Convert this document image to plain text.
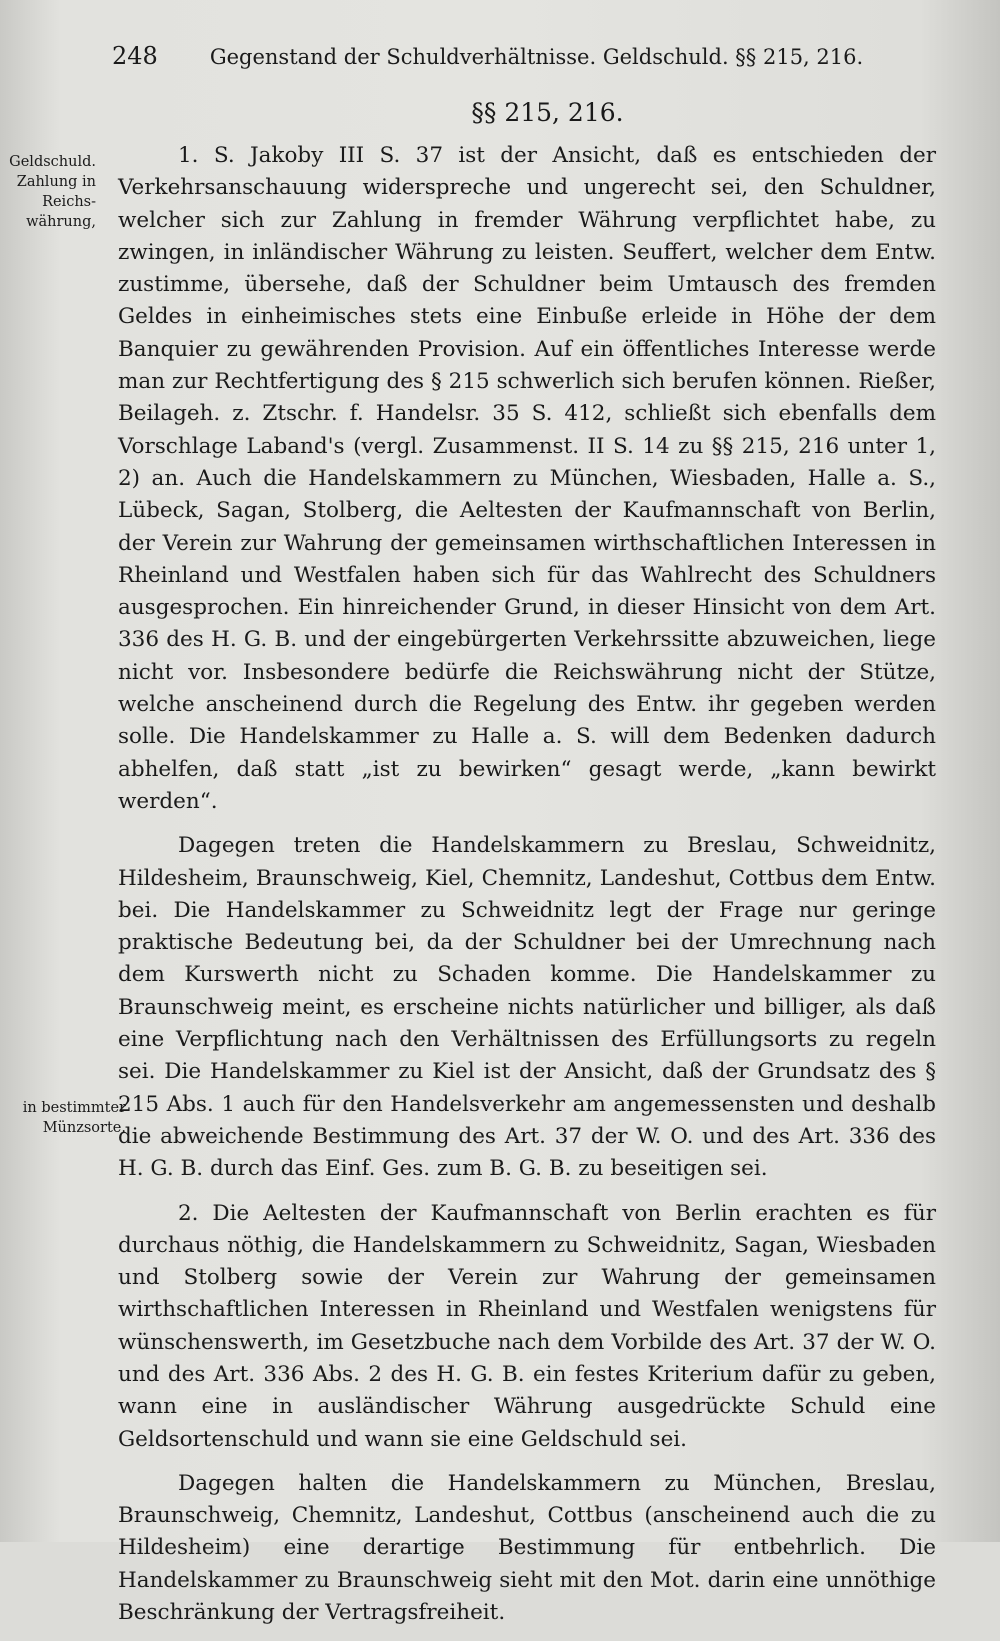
248 Gegenstand der Schuldverhältnisse. Geldschuld. §§ 215, 216.
§§ 215, 216.
Geldschuld. Zahlung in Reichs-währung,
in bestimmter Münzsorte.

1. S. Jakoby III S. 37 ist der Ansicht, daß es entschieden der Verkehrsanschauung widerspreche und ungerecht sei, den Schuldner, welcher sich zur Zahlung in fremder Währung verpflichtet habe, zu zwingen, in inländischer Währung zu leisten. Seuffert, welcher dem Entw. zustimme, übersehe, daß der Schuldner beim Umtausch des fremden Geldes in einheimisches stets eine Einbuße erleide in Höhe der dem Banquier zu gewährenden Provision. Auf ein öffentliches Interesse werde man zur Rechtfertigung des § 215 schwerlich sich berufen können. Rießer, Beilageh. z. Ztschr. f. Handelsr. 35 S. 412, schließt sich ebenfalls dem Vorschlage Laband's (vergl. Zusammenst. II S. 14 zu §§ 215, 216 unter 1, 2) an. Auch die Handelskammern zu München, Wiesbaden, Halle a. S., Lübeck, Sagan, Stolberg, die Aeltesten der Kaufmannschaft von Berlin, der Verein zur Wahrung der gemeinsamen wirthschaftlichen Interessen in Rheinland und Westfalen haben sich für das Wahlrecht des Schuldners ausgesprochen. Ein hinreichender Grund, in dieser Hinsicht von dem Art. 336 des H. G. B. und der eingebürgerten Verkehrssitte abzuweichen, liege nicht vor. Insbesondere bedürfe die Reichswährung nicht der Stütze, welche anscheinend durch die Regelung des Entw. ihr gegeben werden solle. Die Handelskammer zu Halle a. S. will dem Bedenken dadurch abhelfen, daß statt „ist zu bewirken“ gesagt werde, „kann bewirkt werden“.

Dagegen treten die Handelskammern zu Breslau, Schweidnitz, Hildesheim, Braunschweig, Kiel, Chemnitz, Landeshut, Cottbus dem Entw. bei. Die Handelskammer zu Schweidnitz legt der Frage nur geringe praktische Bedeutung bei, da der Schuldner bei der Umrechnung nach dem Kurswerth nicht zu Schaden komme. Die Handelskammer zu Braunschweig meint, es erscheine nichts natürlicher und billiger, als daß eine Verpflichtung nach den Verhältnissen des Erfüllungsorts zu regeln sei. Die Handelskammer zu Kiel ist der Ansicht, daß der Grundsatz des § 215 Abs. 1 auch für den Handelsverkehr am angemessensten und deshalb die abweichende Bestimmung des Art. 37 der W. O. und des Art. 336 des H. G. B. durch das Einf. Ges. zum B. G. B. zu beseitigen sei.

2. Die Aeltesten der Kaufmannschaft von Berlin erachten es für durchaus nöthig, die Handelskammern zu Schweidnitz, Sagan, Wiesbaden und Stolberg sowie der Verein zur Wahrung der gemeinsamen wirthschaftlichen Interessen in Rheinland und Westfalen wenigstens für wünschenswerth, im Gesetzbuche nach dem Vorbilde des Art. 37 der W. O. und des Art. 336 Abs. 2 des H. G. B. ein festes Kriterium dafür zu geben, wann eine in ausländischer Währung ausgedrückte Schuld eine Geldsortenschuld und wann sie eine Geldschuld sei.

Dagegen halten die Handelskammern zu München, Breslau, Braunschweig, Chemnitz, Landeshut, Cottbus (anscheinend auch die zu Hildesheim) eine derartige Bestimmung für entbehrlich. Die Handelskammer zu Braunschweig sieht mit den Mot. darin eine unnöthige Beschränkung der Vertragsfreiheit.
